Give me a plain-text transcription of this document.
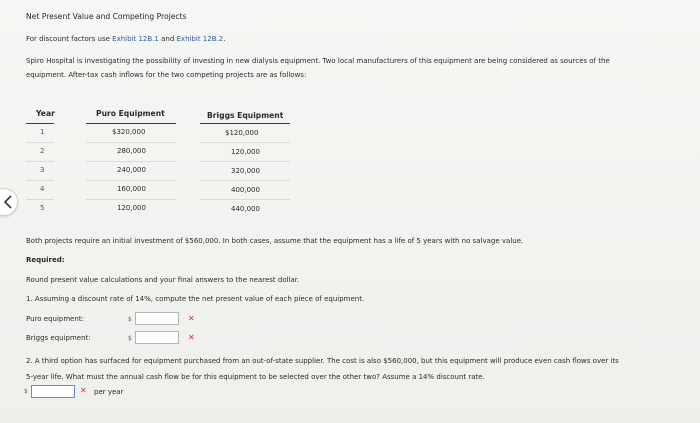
Net Present Value and Competing Projects
For discount factors use Exhibit 12B.1 and Exhibit 12B.2.
Spiro Hospital is investigating the possibility of investing in new dialysis equipment. Two local manufacturers of this equipment are being considered as sources of the
equipment. After-tax cash inflows for the two competing projects are as follows:
Year	Puro Equipment	Briggs Equipment
1	$320,000	$120,000
2	280,000	120,000
3	240,000	320,000
4	160,000	400,000
5	120,000	440,000
Both projects require an initial investment of $560,000. In both cases, assume that the equipment has a life of 5 years with no salvage value.
Required:
Round present value calculations and your final answers to the nearest dollar.
1. Assuming a discount rate of 14%, compute the net present value of each piece of equipment.
Puro equipment:	$	✕
Briggs equipment:	$	✕
2. A third option has surfaced for equipment purchased from an out-of-state supplier. The cost is also $560,000, but this equipment will produce even cash flows over its
5-year life. What must the annual cash flow be for this equipment to be selected over the other two? Assume a 14% discount rate.
$	✕ per year
